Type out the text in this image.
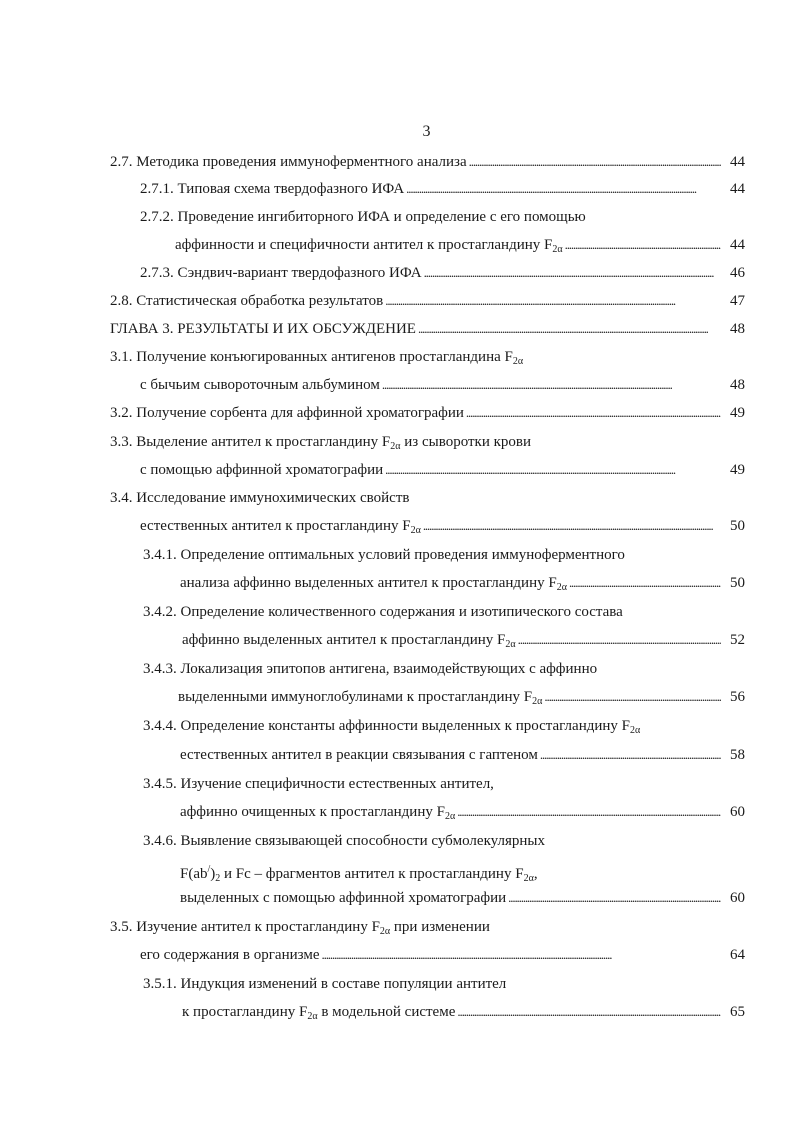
3
2.7. Методика проведения иммуноферментного анализа . . .	44
2.7.1. Типовая схема твердофазного ИФА . . .	44
2.7.2. Проведение ингибиторного ИФА и определение с его помощью
аффинности и специфичности антител к простагландину $F_{2\alpha}$ . . .	44
2.7.3. Сэндвич-вариант твердофазного ИФА . . .	46
2.8. Статистическая обработка результатов . . .	47
ГЛАВА 3. РЕЗУЛЬТАТЫ И ИХ ОБСУЖДЕНИЕ . . .	48
3.1. Получение конъюгированных антигенов простагландина $F_{2\alpha}$
с бычьим сывороточным альбумином . . .	48
3.2. Получение сорбента для аффинной хроматографии . . .	49
3.3. Выделение антител к простагландину $F_{2\alpha}$ из сыворотки крови
с помощью аффинной хроматографии . . .	49
3.4. Исследование иммунохимических свойств
естественных антител к простагландину $F_{2\alpha}$ . . .	50
3.4.1. Определение оптимальных условий проведения иммуноферментного
анализа аффинно выделенных антител к простагландину $F_{2\alpha}$ . . .	50
3.4.2. Определение количественного содержания и изотипического состава
аффинно выделенных антител к простагландину $F_{2\alpha}$ . . .	52
3.4.3. Локализация эпитопов антигена, взаимодействующих с аффинно
выделенными иммуноглобулинами к простагландину $F_{2\alpha}$ . . .	56
3.4.4. Определение константы аффинности выделенных к простагландину $F_{2\alpha}$
естественных антител в реакции связывания с гаптеном . . .	58
3.4.5. Изучение специфичности естественных антител,
аффинно очищенных к простагландину $F_{2\alpha}$ . . .	60
3.4.6. Выявление связывающей способности субмолекулярных
$F(ab^/)_2$ и Fc – фрагментов антител к простагландину $F_{2\alpha}$,
выделенных с помощью аффинной хроматографии . . .	60
3.5. Изучение антител к простагландину $F_{2\alpha}$ при изменении
его содержания в организме . . .	64
3.5.1. Индукция изменений в составе популяции антител
к простагландину $F_{2\alpha}$ в модельной системе . . .	65
